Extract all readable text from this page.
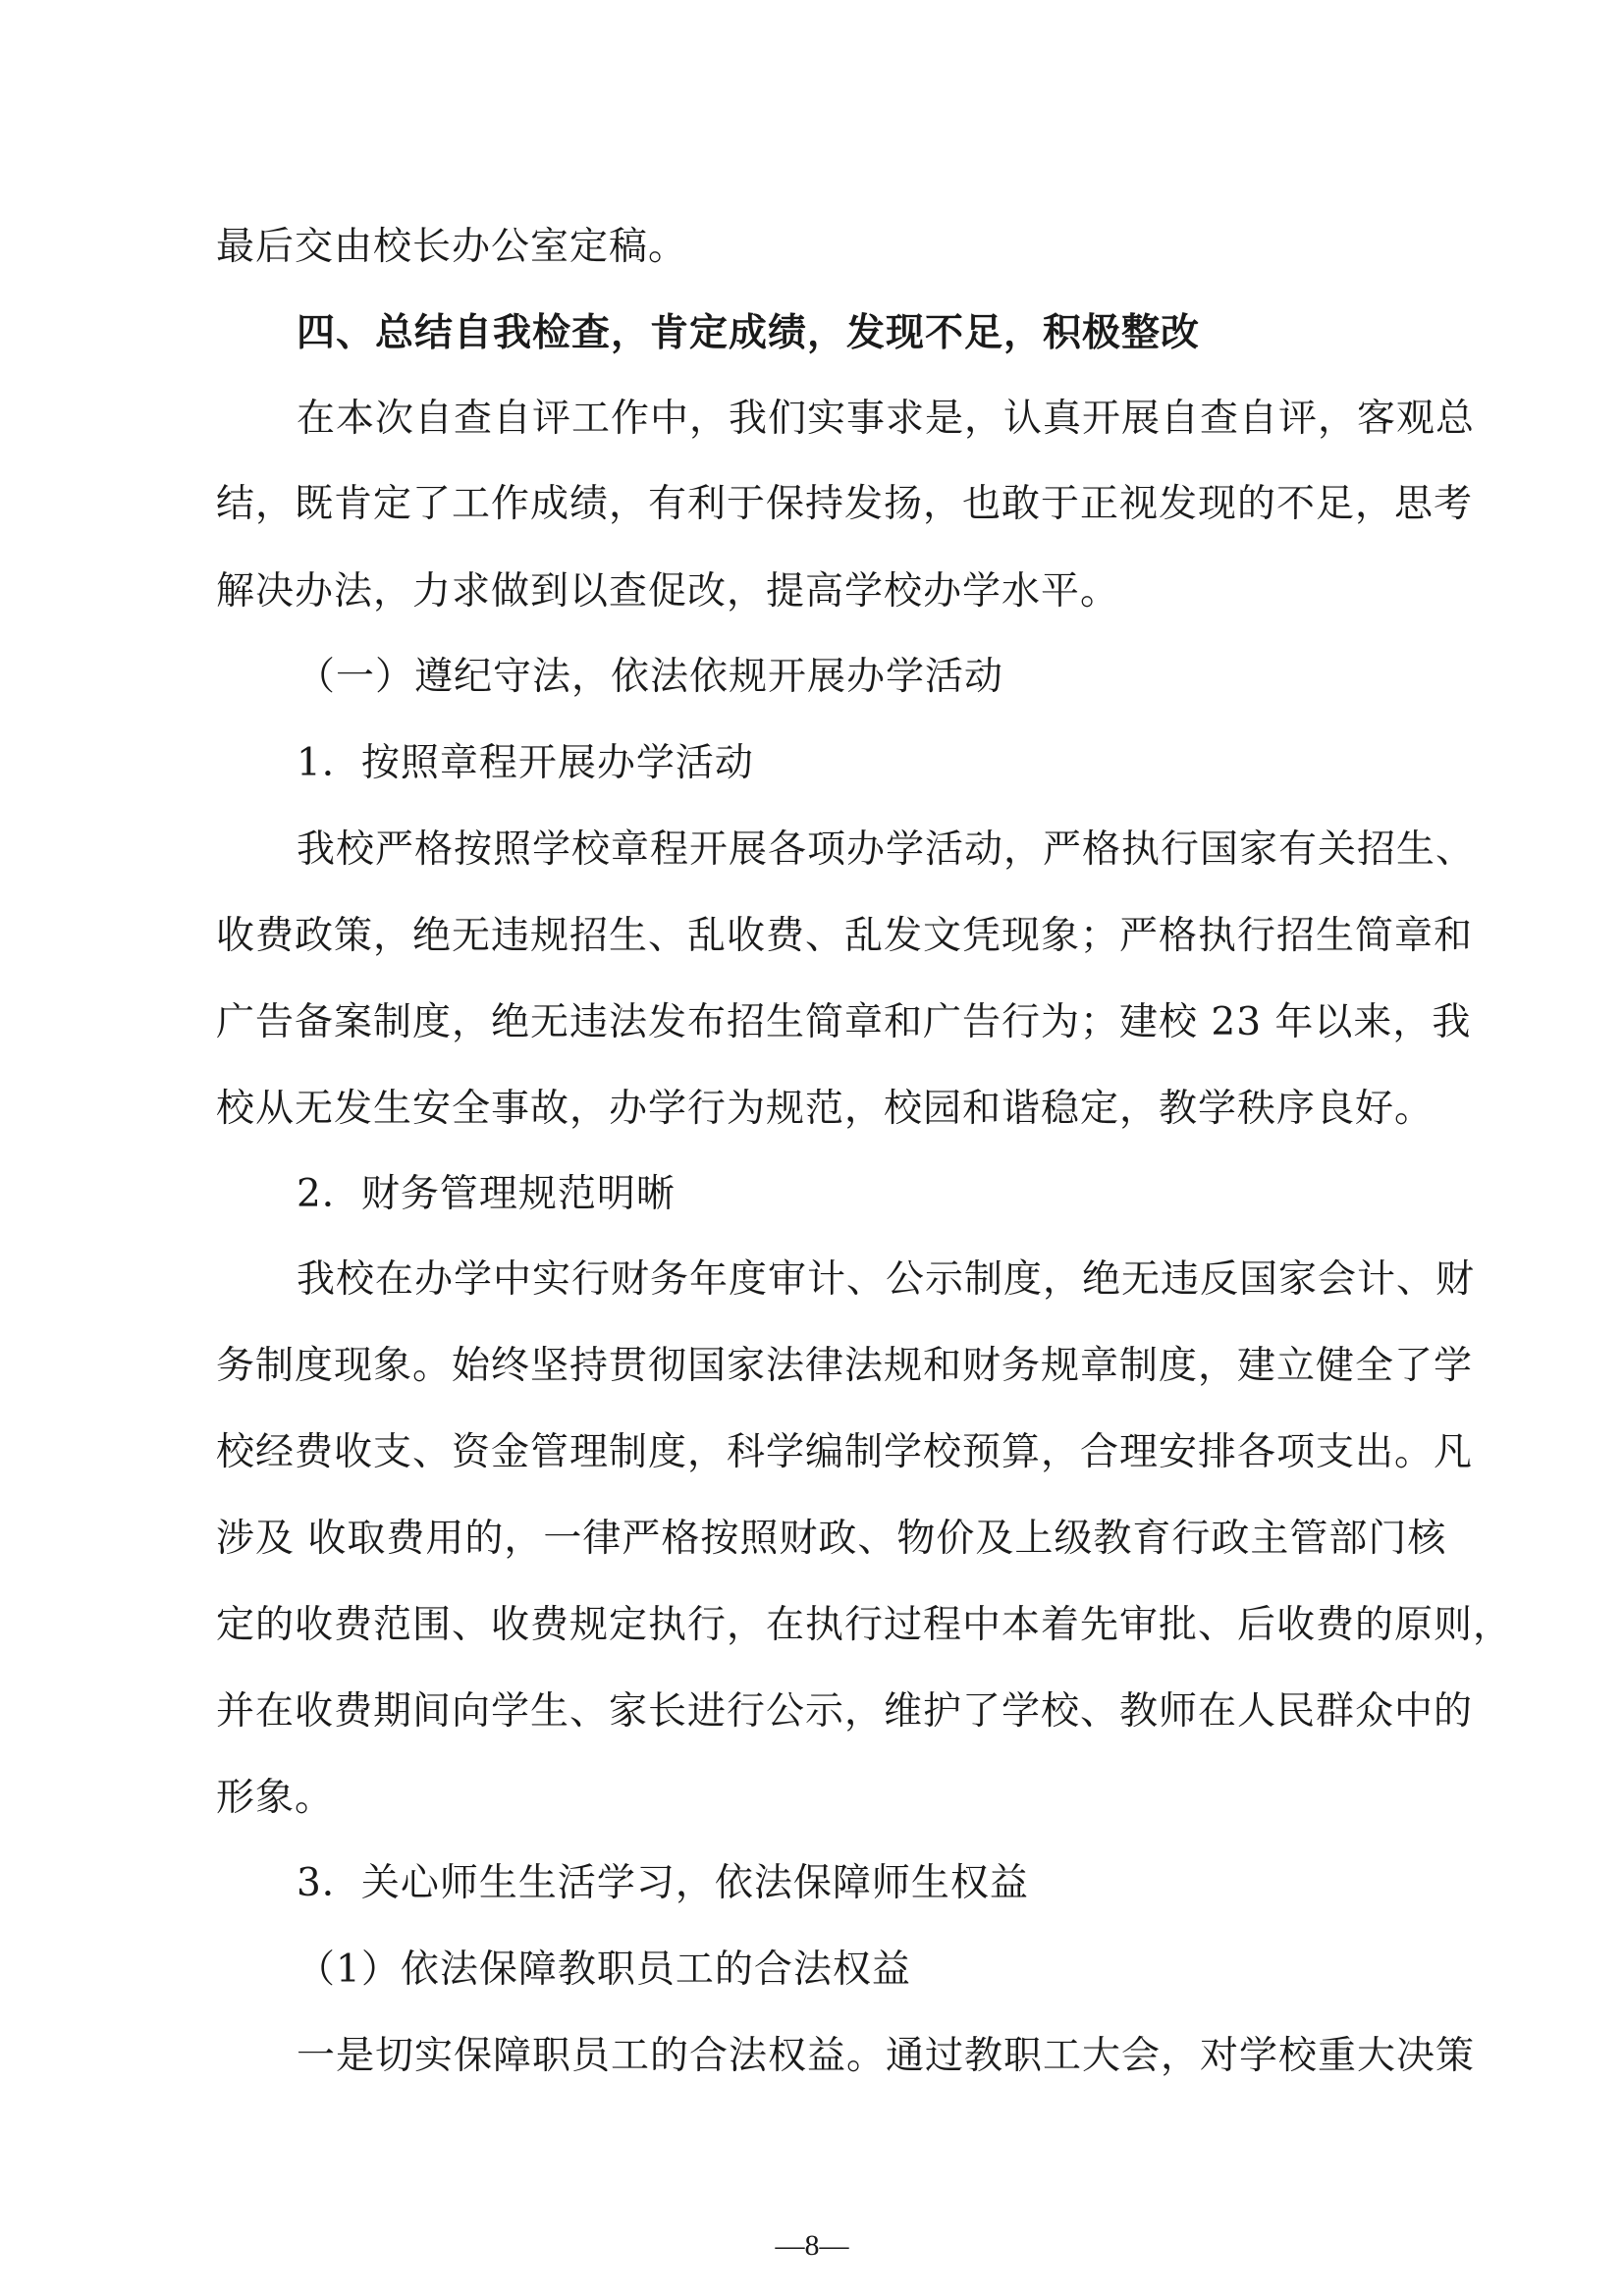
最后交由校长办公室定稿。
四、总结自我检查，肯定成绩，发现不足，积极整改
在本次自查自评工作中，我们实事求是，认真开展自查自评，客观总
结，既肯定了工作成绩，有利于保持发扬，也敢于正视发现的不足，思考
解决办法，力求做到以查促改，提高学校办学水平。
（一）遵纪守法，依法依规开展办学活动
1．按照章程开展办学活动
我校严格按照学校章程开展各项办学活动，严格执行国家有关招生、
收费政策，绝无违规招生、乱收费、乱发文凭现象；严格执行招生简章和
广告备案制度，绝无违法发布招生简章和广告行为；建校 23 年以来，我
校从无发生安全事故，办学行为规范，校园和谐稳定，教学秩序良好。
2．财务管理规范明晰
我校在办学中实行财务年度审计、公示制度，绝无违反国家会计、财
务制度现象。始终坚持贯彻国家法律法规和财务规章制度，建立健全了学
校经费收支、资金管理制度，科学编制学校预算，合理安排各项支出。凡
涉及 收取费用的，一律严格按照财政、物价及上级教育行政主管部门核
定的收费范围、收费规定执行，在执行过程中本着先审批、后收费的原则，
并在收费期间向学生、家长进行公示，维护了学校、教师在人民群众中的
形象。
3．关心师生生活学习，依法保障师生权益
（1）依法保障教职员工的合法权益
一是切实保障职员工的合法权益。通过教职工大会，对学校重大决策
—8—
